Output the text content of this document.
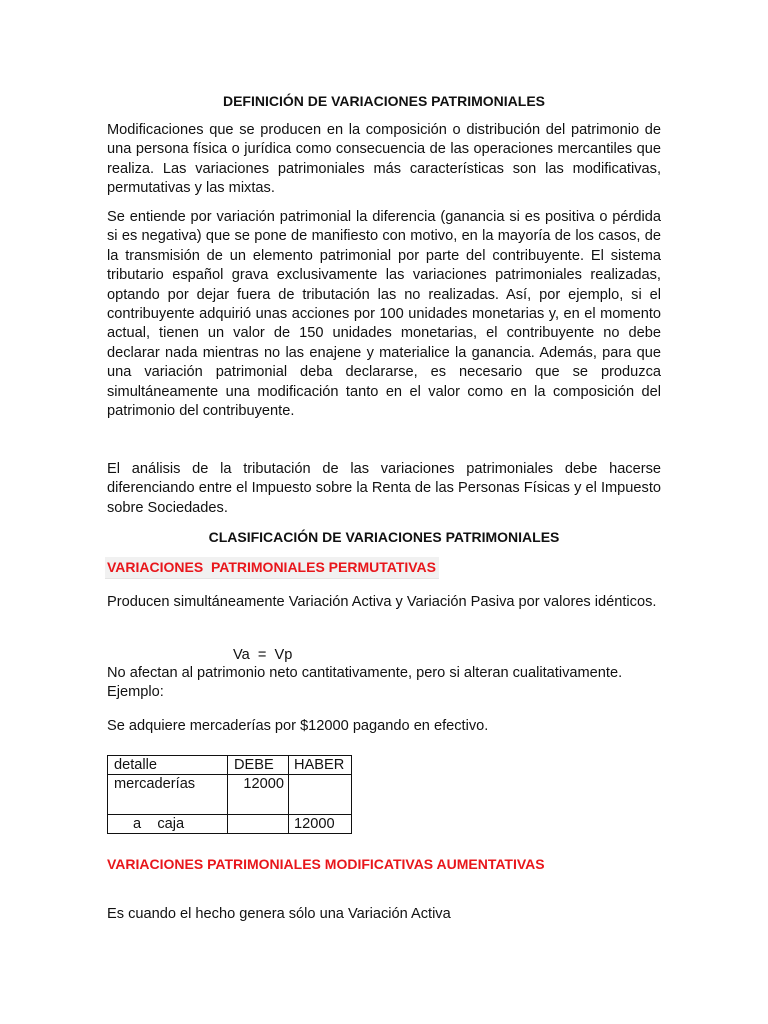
DEFINICIÓN DE VARIACIONES PATRIMONIALES
Modificaciones que se producen en la composición o distribución del patrimonio de una persona física o jurídica como consecuencia de las operaciones mercantiles que realiza. Las variaciones patrimoniales más características son las modificativas, permutativas y las mixtas.
Se entiende por variación patrimonial la diferencia (ganancia si es positiva o pérdida si es negativa) que se pone de manifiesto con motivo, en la mayoría de los casos, de la transmisión de un elemento patrimonial por parte del contribuyente. El sistema tributario español grava exclusivamente las variaciones patrimoniales realizadas, optando por dejar fuera de tributación las no realizadas. Así, por ejemplo, si el contribuyente adquirió unas acciones por 100 unidades monetarias y, en el momento actual, tienen un valor de 150 unidades monetarias, el contribuyente no debe declarar nada mientras no las enajene y materialice la ganancia. Además, para que una variación patrimonial deba declararse, es necesario que se produzca simultáneamente una modificación tanto en el valor como en la composición del patrimonio del contribuyente.
El análisis de la tributación de las variaciones patrimoniales debe hacerse diferenciando entre el Impuesto sobre la Renta de las Personas Físicas y el Impuesto sobre Sociedades.
CLASIFICACIÓN DE VARIACIONES PATRIMONIALES
VARIACIONES  PATRIMONIALES PERMUTATIVAS
Producen simultáneamente Variación Activa y Variación Pasiva por valores idénticos.
Va  =  Vp
No afectan al patrimonio neto cantitativamente, pero si alteran cualitativamente.
Ejemplo:
Se adquiere mercaderías por $12000 pagando en efectivo.
detalle	DEBE	HABER
mercaderías	12000	
a    caja		12000
VARIACIONES PATRIMONIALES MODIFICATIVAS AUMENTATIVAS
Es cuando el hecho genera sólo una Variación Activa
